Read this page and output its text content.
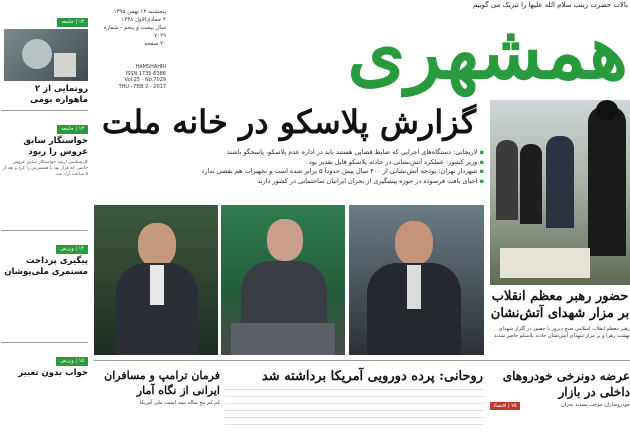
بالات حضرت زینب سلام الله علیها را تبریک می گوییم
همشهری
پنجشنبه ۱۴ بهمن ۱۳۹۵
۴ جمادی‌الاول ۱۴۳۸
سال بیست و پنجم - شماره ۷۰۲۹
۲۰ صفحه
HAMSHAHRI
ISSN 1735-6386
Vol.25 - No.7029
THU - FEB 2 - 2017
۱۳ | جامعه
رونمایی از ۲ ماهواره بومی
۱۳ | جامعه
خواستگار سابق عروس را ربود
کارشناسی ارشد خواستگار سابق عروس خانمی که قرار بود با همسرش را کرد و بعد از ۵ ساعت آزاد شد
۱۴ | ورزش
پیگیری پرداخت مستمری ملی‌پوشان
۱۵ | ورزش
خواب بدون تعبیر
گزارش پلاسکو در خانه ملت
▪ لاریجانی: دستگاه‌های اجرایی که ضابط قضایی هستند باید در اداره عدم پلاسکو، پاسخگو باشند
▪ وزیر کشور: عملکرد آتش‌نشانی در حادثه پلاسکو قابل تقدیر بود
▪ شهردار تهران: بودجه آتش‌نشانی از ۴۰۰ سال پیش حدوداً ۵ برابر شده است و تجهیزات هم نقصی ندارد
▪ احیای بافت فرسوده در حوزه پیشگیری از بحران ایرانیان ساختمانی در کشور دارند
حضور رهبر معظم انقلاب بر مزار شهدای آتش‌نشان
رهبر معظم انقلاب اسلامی صبح دیروز با حضور در گلزار شهدای بهشت زهرا و بر مزار شهدای آتش‌نشان حادثه پلاسکو حاضر شدند
عرضه دونرخی خودروهای داخلی در بازار
خودروسازان موجب تشدید بحران
۷۵ | اقتصاد
روحانی: پرده دورویی آمریکا برداشته شد
فرمان ترامپ و مسافران ایرانی از نگاه آمار
کم کم پنج ساله بیمه امنیت ملی آمریکا
